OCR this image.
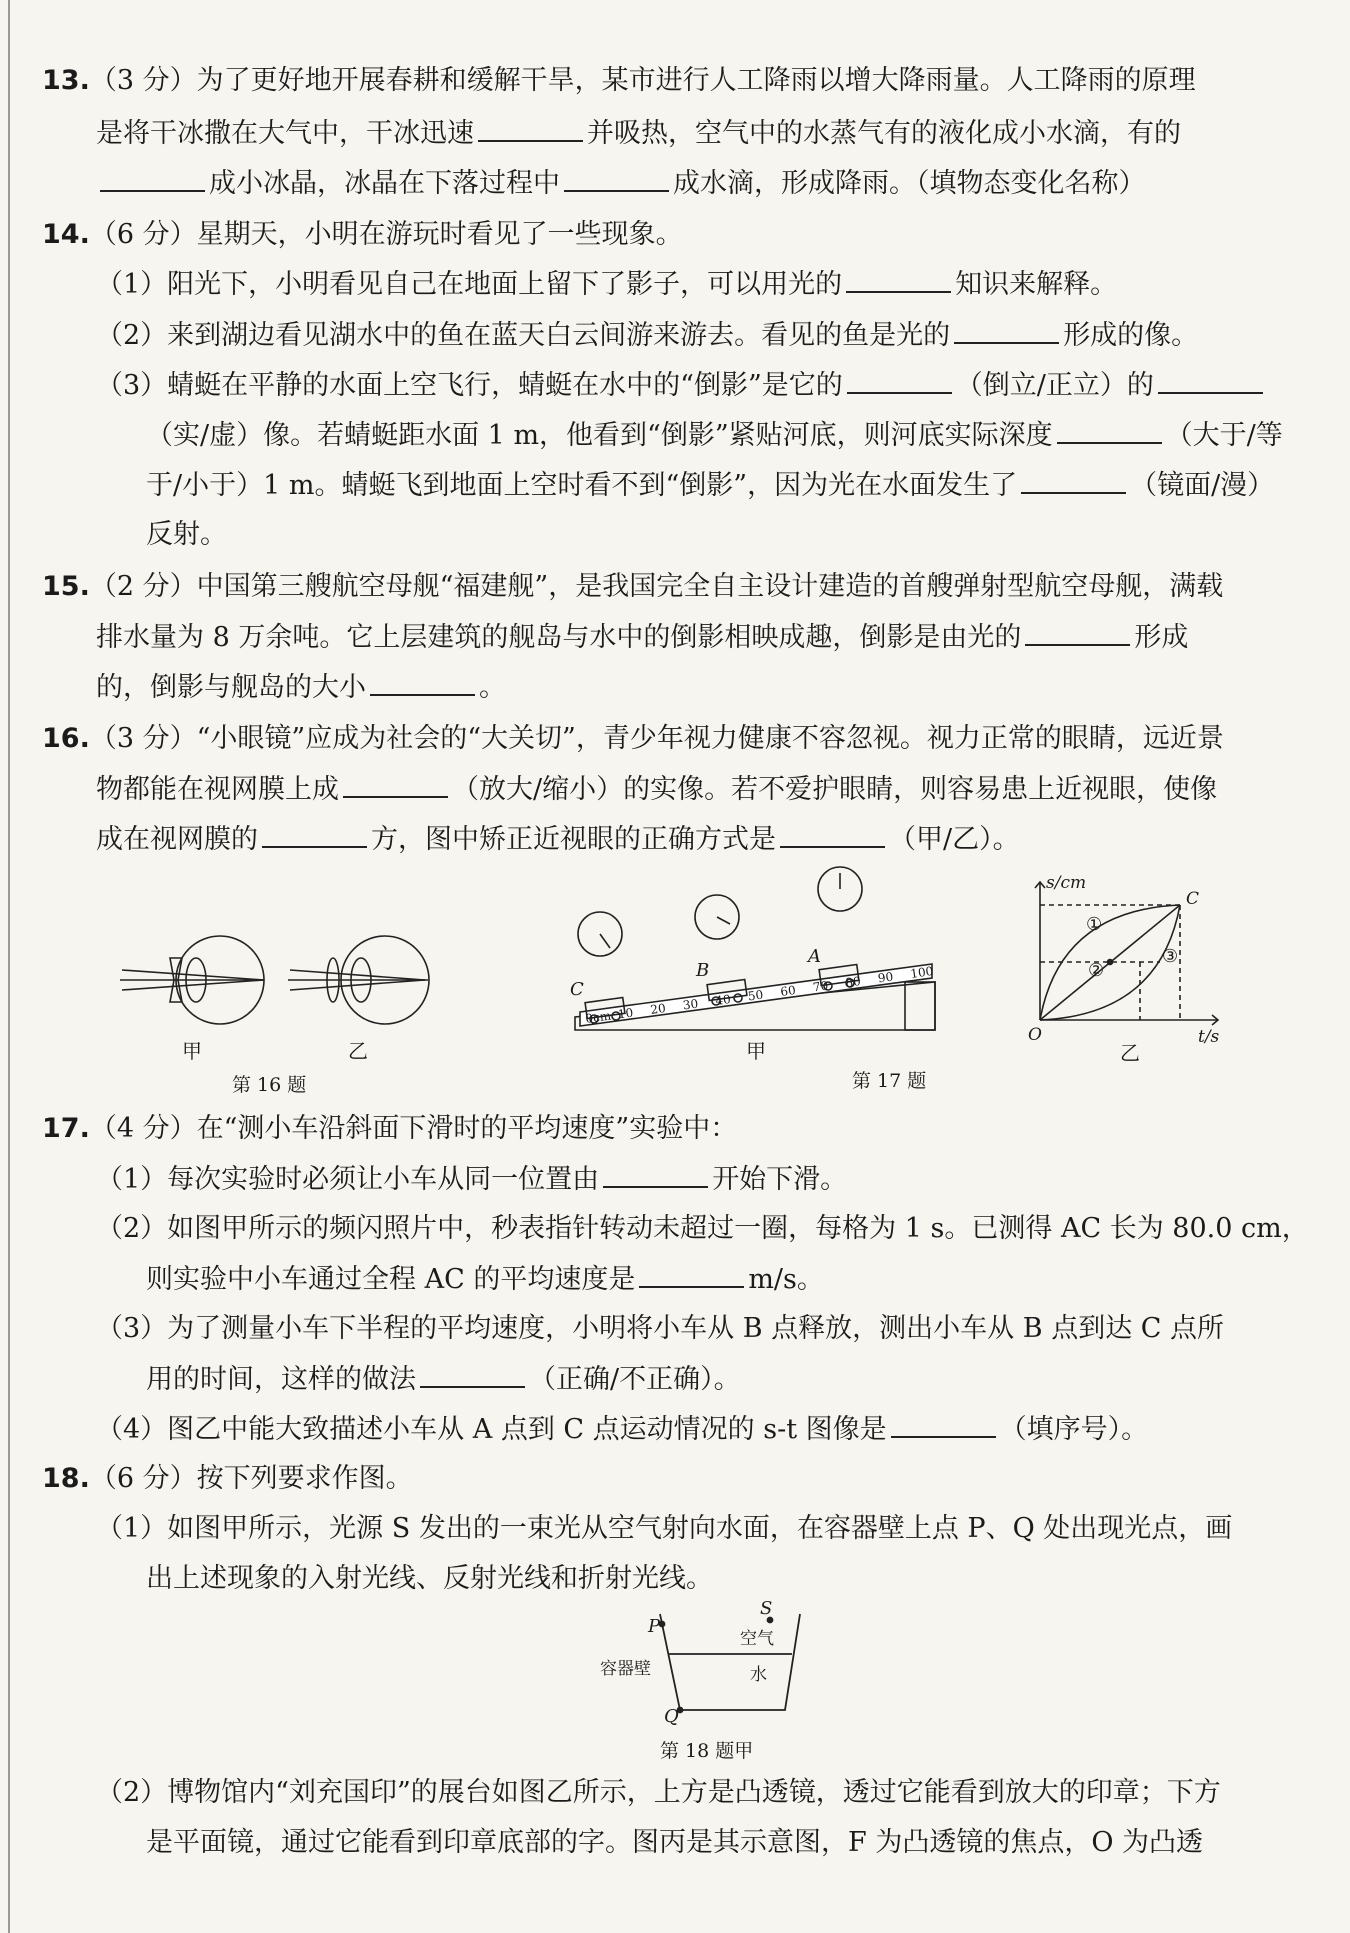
13.（3 分）为了更好地开展春耕和缓解干旱，某市进行人工降雨以增大降雨量。人工降雨的原理
是将干冰撒在大气中，干冰迅速	并吸热，空气中的水蒸气有的液化成小水滴，有的
成小冰晶，冰晶在下落过程中	成水滴，形成降雨。（填物态变化名称）
14.（6 分）星期天，小明在游玩时看见了一些现象。
（1）阳光下，小明看见自己在地面上留下了影子，可以用光的	知识来解释。
（2）来到湖边看见湖水中的鱼在蓝天白云间游来游去。看见的鱼是光的	形成的像。
（3）蜻蜓在平静的水面上空飞行，蜻蜓在水中的“倒影”是它的	（倒立/正立）的
（实/虚）像。若蜻蜓距水面 1 m，他看到“倒影”紧贴河底，则河底实际深度	（大于/等
于/小于）1 m。蜻蜓飞到地面上空时看不到“倒影”，因为光在水面发生了	（镜面/漫）
反射。
15.（2 分）中国第三艘航空母舰“福建舰”，是我国完全自主设计建造的首艘弹射型航空母舰，满载
排水量为 8 万余吨。它上层建筑的舰岛与水中的倒影相映成趣，倒影是由光的	形成
的，倒影与舰岛的大小	。
16.（3 分）“小眼镜”应成为社会的“大关切”，青少年视力健康不容忽视。视力正常的眼睛，远近景
物都能在视网膜上成	（放大/缩小）的实像。若不爱护眼睛，则容易患上近视眼，使像
成在视网膜的	方，图中矫正近视眼的正确方式是	（甲/乙）。
甲	乙
第 16 题
0cm 10 20 30 40 50 60 70 80 90 100
C
B
A
甲
s/cm
t/s
O
C
①
②
③
乙
第 17 题
17.（4 分）在“测小车沿斜面下滑时的平均速度”实验中：
（1）每次实验时必须让小车从同一位置由	开始下滑。
（2）如图甲所示的频闪照片中，秒表指针转动未超过一圈，每格为 1 s。已测得 AC 长为 80.0 cm，
则实验中小车通过全程 AC 的平均速度是	m/s。
（3）为了测量小车下半程的平均速度，小明将小车从 B 点释放，测出小车从 B 点到达 C 点所
用的时间，这样的做法	（正确/不正确）。
（4）图乙中能大致描述小车从 A 点到 C 点运动情况的 s-t 图像是	（填序号）。
18.（6 分）按下列要求作图。
（1）如图甲所示，光源 S 发出的一束光从空气射向水面，在容器壁上点 P、Q 处出现光点，画
出上述现象的入射光线、反射光线和折射光线。
S
P
Q
空气
水
容器壁
第 18 题甲
（2）博物馆内“刘充国印”的展台如图乙所示，上方是凸透镜，透过它能看到放大的印章；下方
是平面镜，通过它能看到印章底部的字。图丙是其示意图，F 为凸透镜的焦点，O 为凸透
